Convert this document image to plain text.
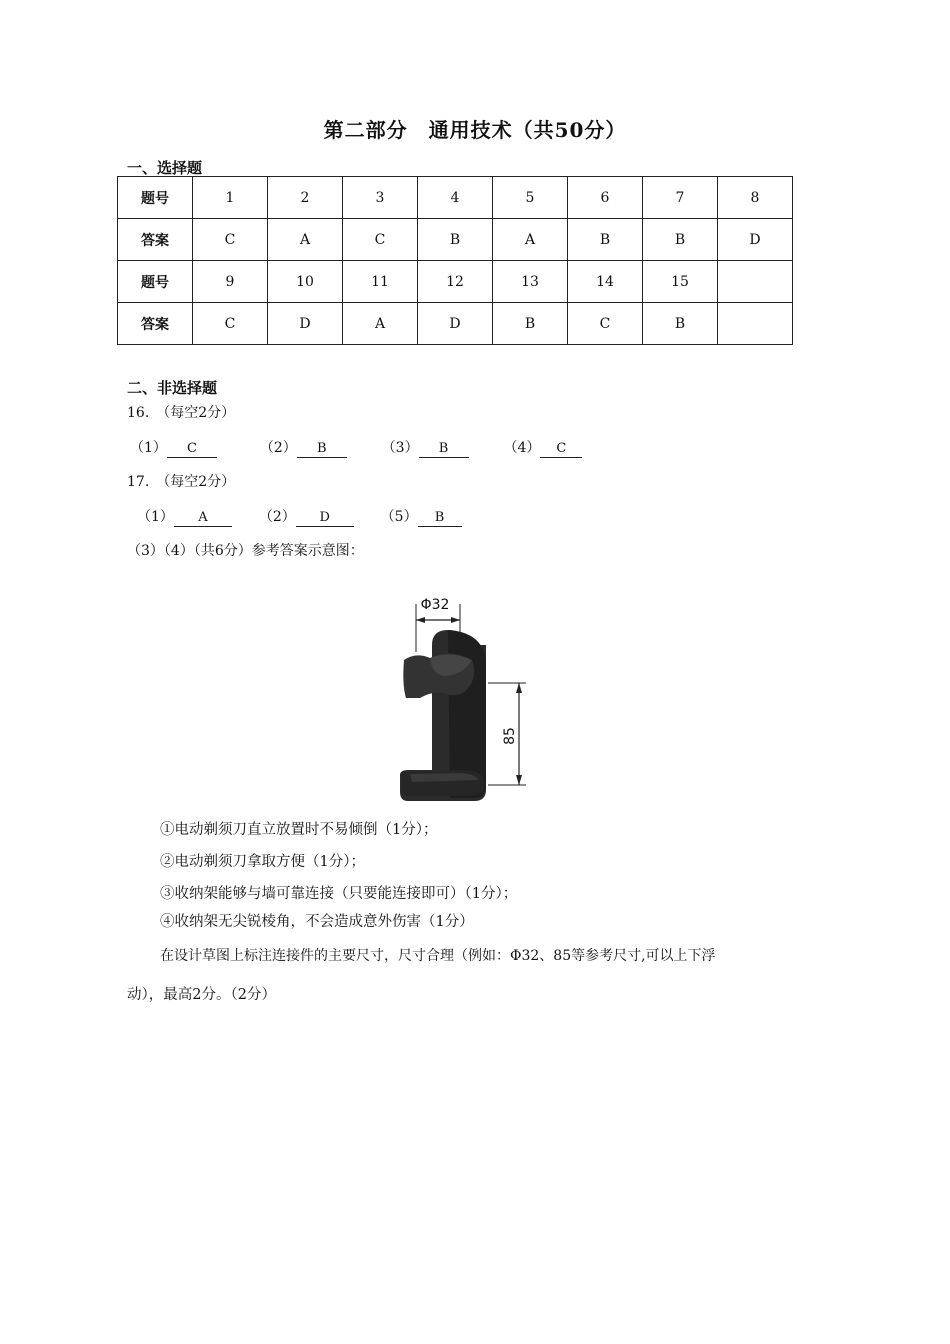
第二部分　通用技术（共50分）
一、选择题
题号	1	2	3	4	5	6	7	8
答案	C	A	C	B	A	B	B	D
题号	9	10	11	12	13	14	15	
答案	C	D	A	D	B	C	B	
二、非选择题
16.　（每空2分）
（1） C	（2） B	（3） B	（4） C
17.　（每空2分）
（1） A	（2） D	（5） B
（3）（4）（共6分）参考答案示意图：
Φ32
85
①电动剃须刀直立放置时不易倾倒（1分）；
②电动剃须刀拿取方便（1分）；
③收纳架能够与墙可靠连接（只要能连接即可）（1分）；
④收纳架无尖锐棱角，不会造成意外伤害（1分）
在设计草图上标注连接件的主要尺寸，尺寸合理（例如：Φ32、85等参考尺寸,可以上下浮
动），最高2分。（2分）
